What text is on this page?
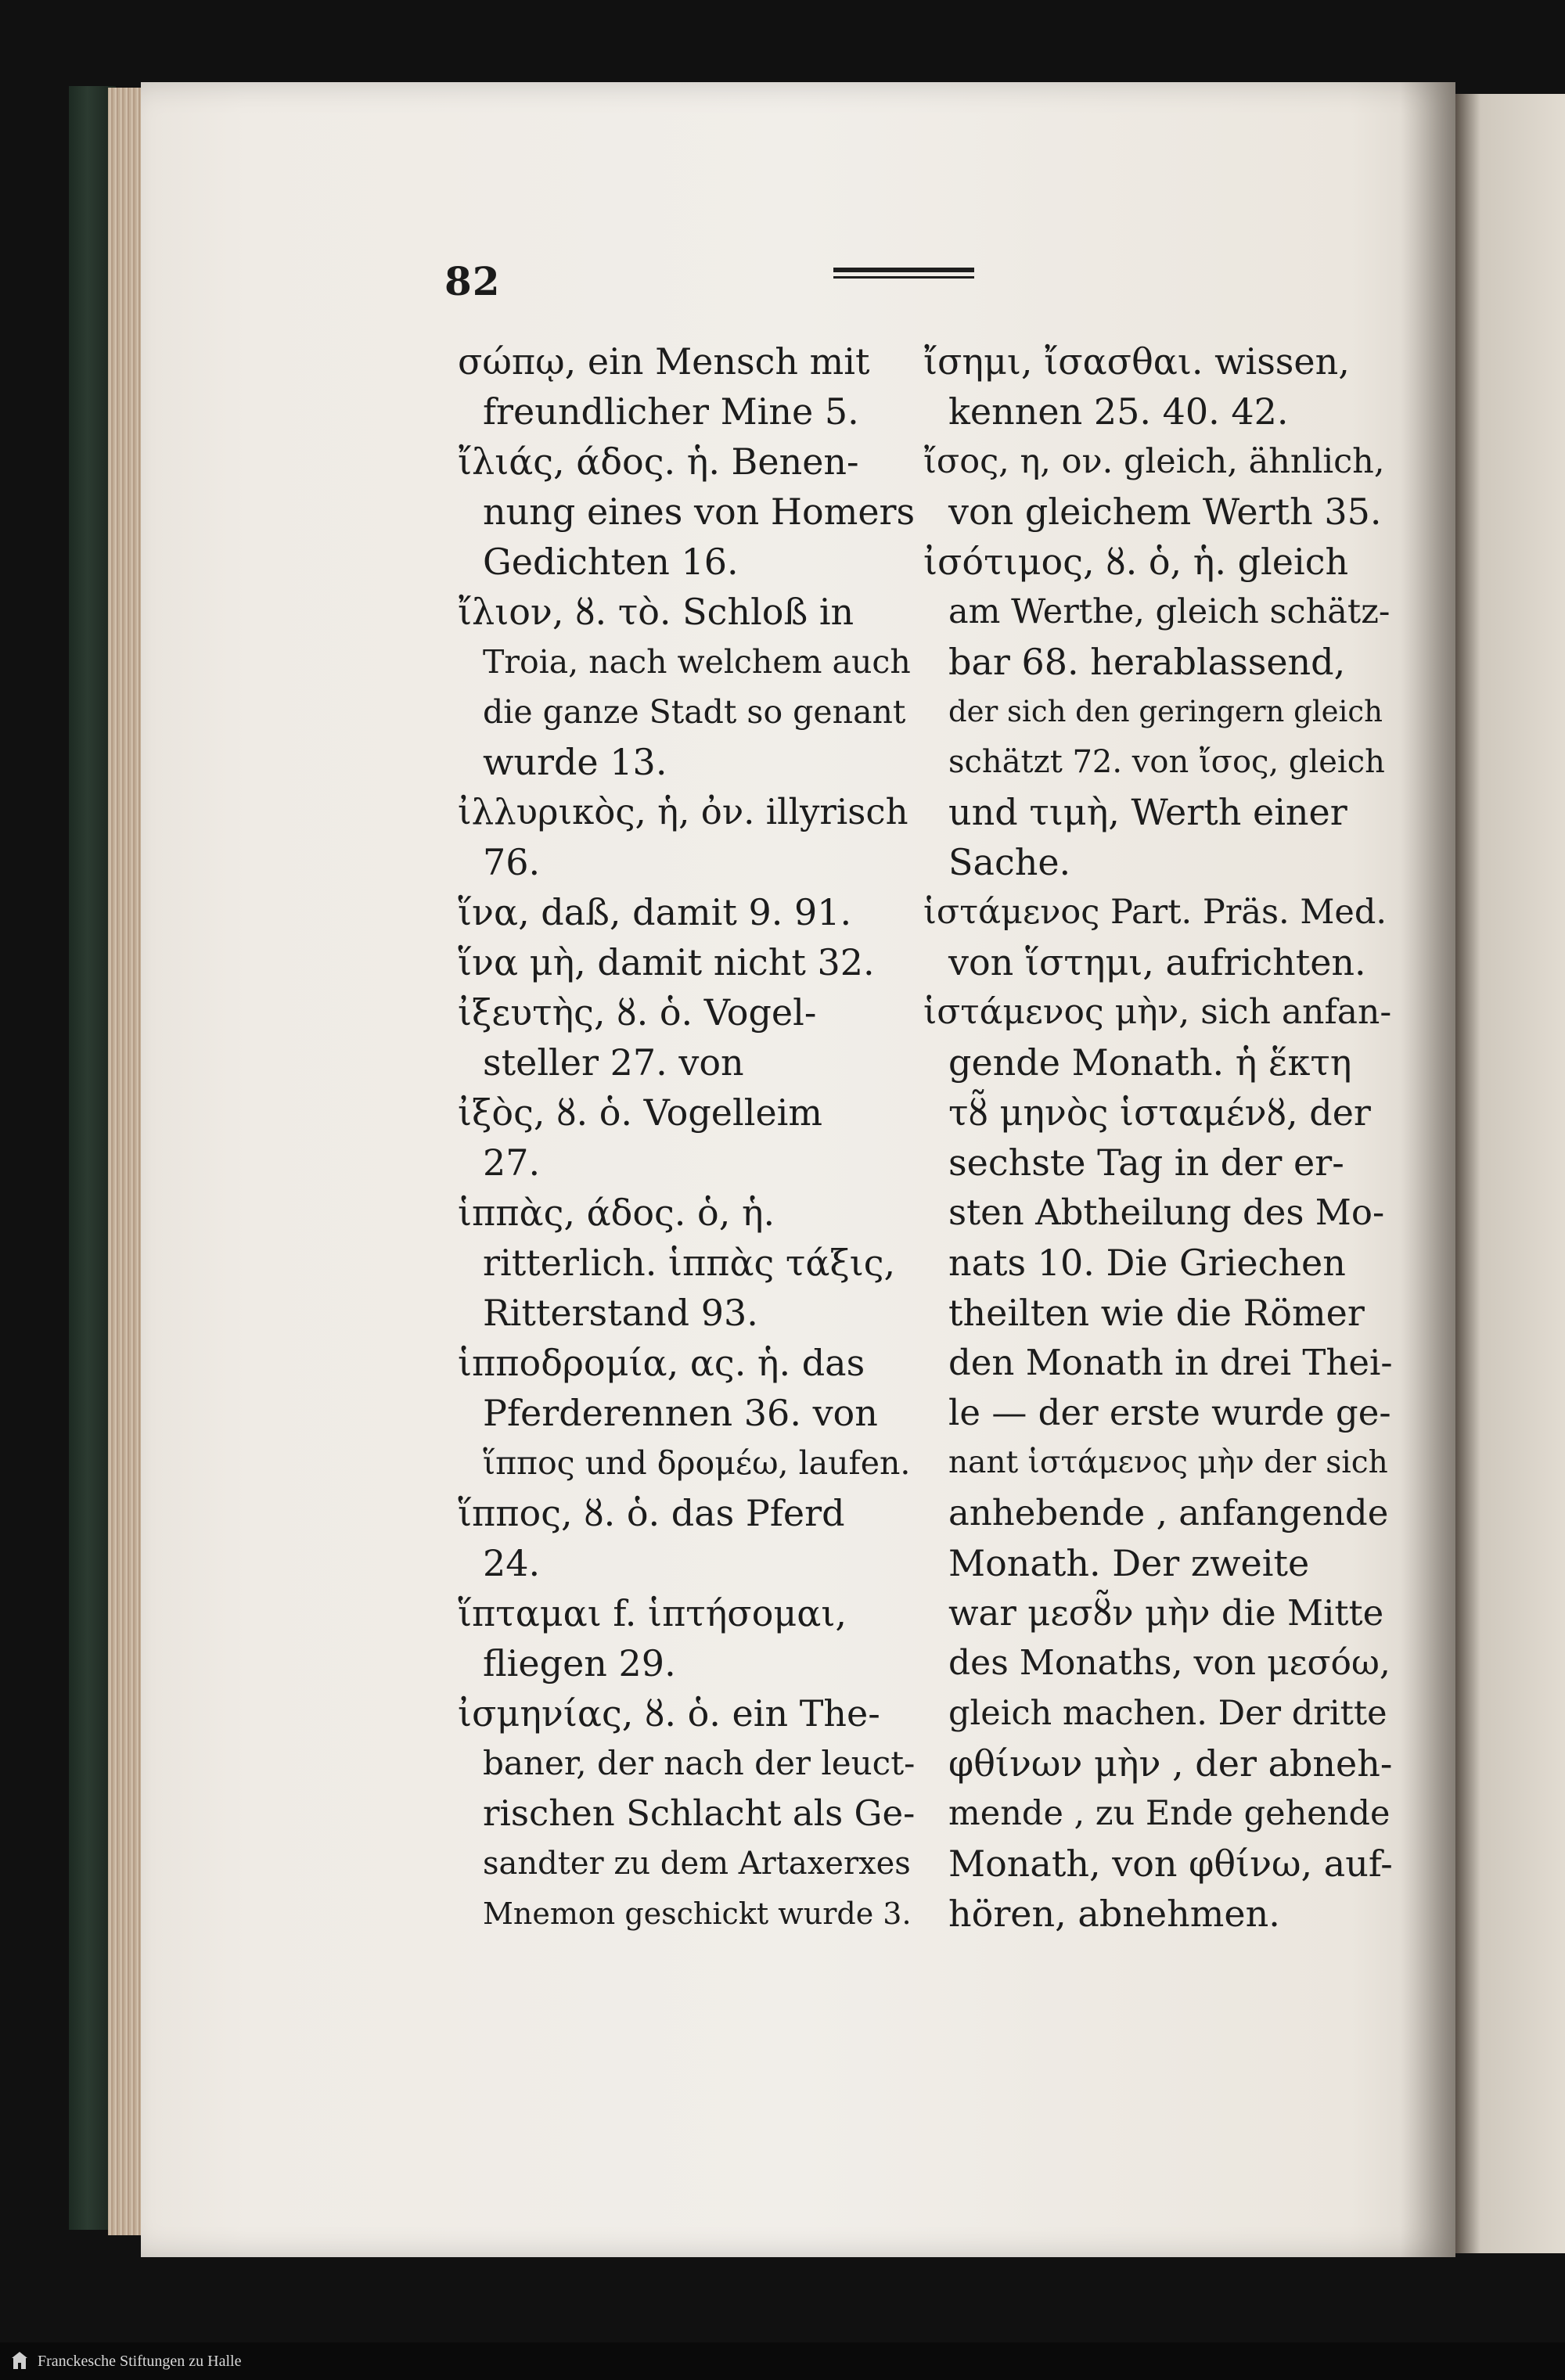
82
σώπῳ, ein Mensch mit
freundlicher Mine 5.
ἴλιάς, άδος. ἡ. Benen-
nung eines von Homers
Gedichten 16.
ἴλιον, ȣ. τὸ. Schloß in
Troia, nach welchem auch
die ganze Stadt so genant
wurde 13.
ἰλλυρικὸς, ἡ, ὀν. illyrisch
76.
ἵνα, daß, damit 9. 91.
ἵνα μὴ, damit nicht 32.
ἰξευτὴς, ȣ. ὁ. Vogel-
steller 27. von
ἰξὸς, ȣ. ὁ. Vogelleim
27.
ἱππὰς, άδος. ὁ, ἡ.
ritterlich. ἱππὰς τάξις,
Ritterstand 93.
ἱπποδρομία, ας. ἡ. das
Pferderennen 36. von
ἵππος und δρομέω, laufen.
ἵππος, ȣ. ὁ. das Pferd
24.
ἵπταμαι f. ἱπτήσομαι,
fliegen 29.
ἰσμηνίας, ȣ. ὁ. ein The-
baner, der nach der leuct-
rischen Schlacht als Ge-
sandter zu dem Artaxerxes
Mnemon geschickt wurde 3.
ἴσημι, ἴσασθαι. wissen,
kennen 25. 40. 42.
ἴσος, η, ον. gleich, ähnlich,
von gleichem Werth 35.
ἰσότιμος, ȣ. ὁ, ἡ. gleich
am Werthe, gleich schätz-
bar 68. herablassend,
der sich den geringern gleich
schätzt 72. von ἴσος, gleich
und τιμὴ, Werth einer
Sache.
ἱστάμενος Part. Präs. Med.
von ἵστημι, aufrichten.
ἱστάμενος μὴν, sich anfan-
gende Monath. ἡ ἕκτη
τȣ̃ μηνὸς ἱσταμένȣ, der
sechste Tag in der er-
sten Abtheilung des Mo-
nats 10. Die Griechen
theilten wie die Römer
den Monath in drei Thei-
le — der erste wurde ge-
nant ἱστάμενος μὴν der sich
anhebende , anfangende
Monath. Der zweite
war μεσȣ̃ν μὴν die Mitte
des Monaths, von μεσόω,
gleich machen. Der dritte
φθίνων μὴν , der abneh-
mende , zu Ende gehende
Monath, von φθίνω, auf-
hören, abnehmen.
Franckesche Stiftungen zu Halle
